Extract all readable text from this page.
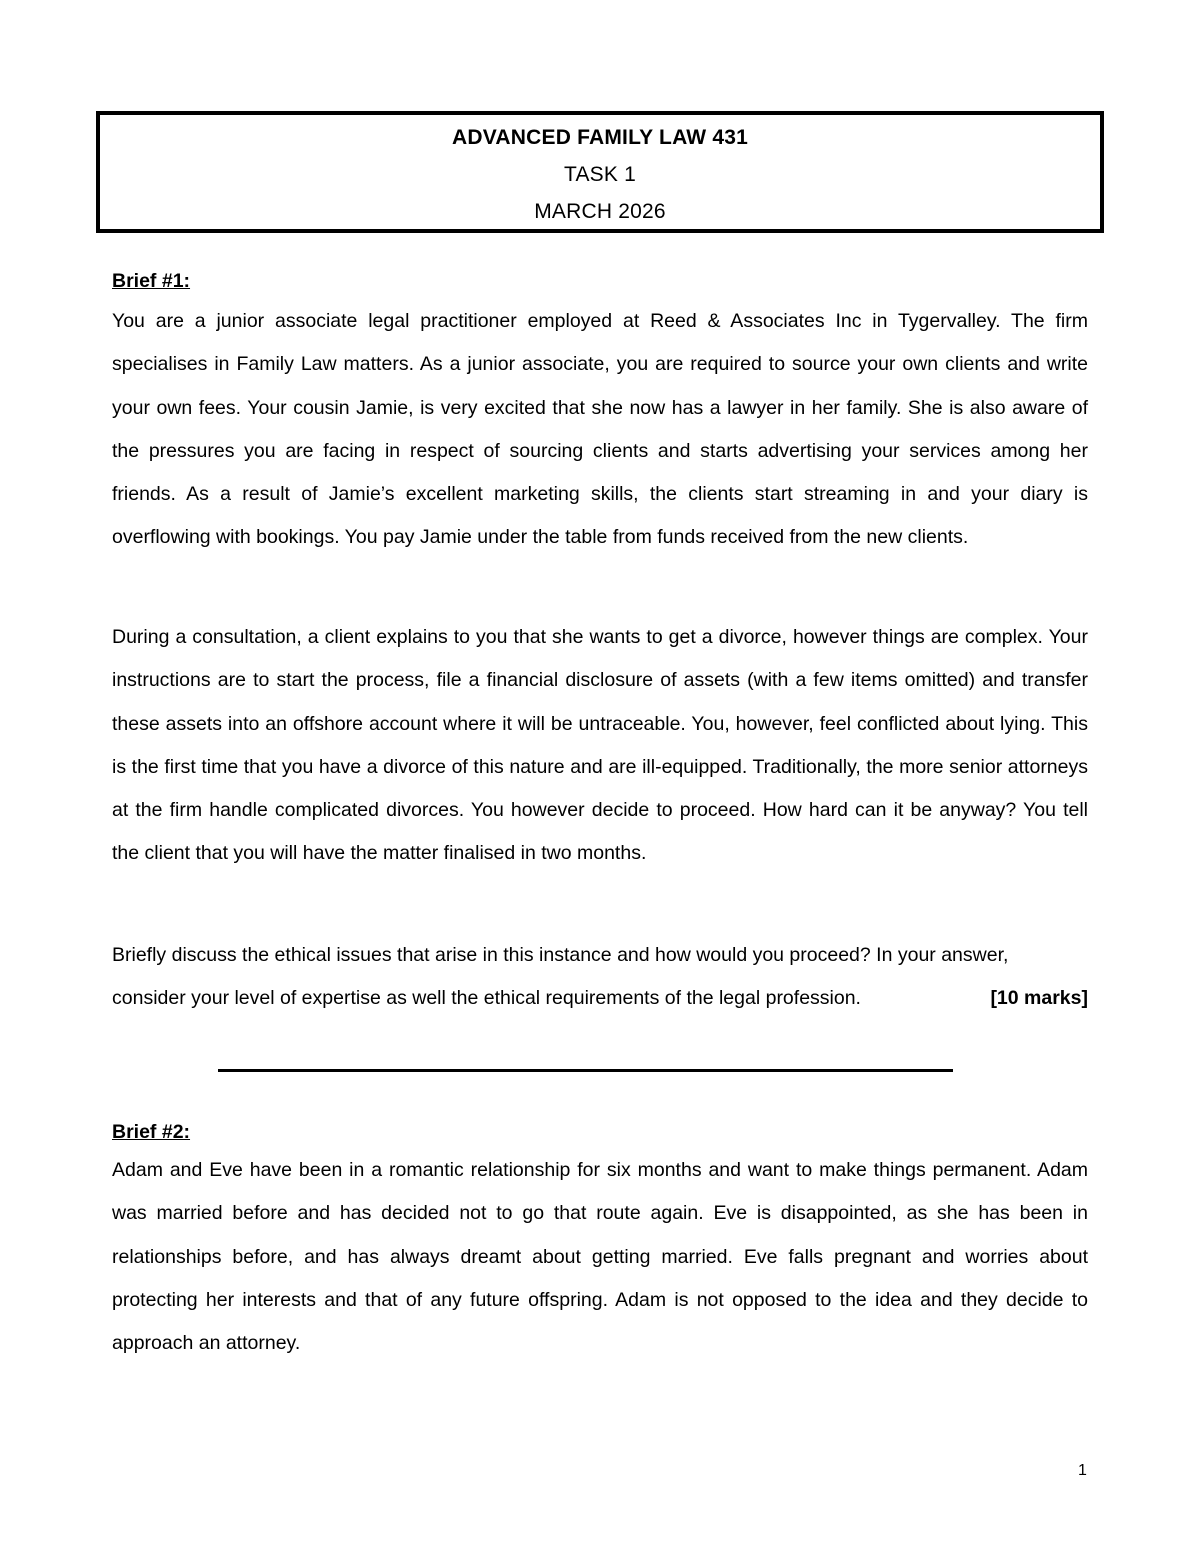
ADVANCED FAMILY LAW 431
TASK 1
MARCH 2026
Brief #1:

You are a junior associate legal practitioner employed at Reed & Associates Inc in Tygervalley. The firm specialises in Family Law matters. As a junior associate, you are required to source your own clients and write your own fees. Your cousin Jamie, is very excited that she now has a lawyer in her family. She is also aware of the pressures you are facing in respect of sourcing clients and starts advertising your services among her friends. As a result of Jamie’s excellent marketing skills, the clients start streaming in and your diary is overflowing with bookings. You pay Jamie under the table from funds received from the new clients.

During a consultation, a client explains to you that she wants to get a divorce, however things are complex. Your instructions are to start the process, file a financial disclosure of assets (with a few items omitted) and transfer these assets into an offshore account where it will be untraceable. You, however, feel conflicted about lying. This is the first time that you have a divorce of this nature and are ill-equipped. Traditionally, the more senior attorneys at the firm handle complicated divorces. You however decide to proceed. How hard can it be anyway? You tell the client that you will have the matter finalised in two months.

Briefly discuss the ethical issues that arise in this instance and how would you proceed? In your answer,
consider your level of expertise as well the ethical requirements of the legal profession.	[10 marks]
Brief #2:

Adam and Eve have been in a romantic relationship for six months and want to make things permanent. Adam was married before and has decided not to go that route again. Eve is disappointed, as she has been in relationships before, and has always dreamt about getting married. Eve falls pregnant and worries about protecting her interests and that of any future offspring. Adam is not opposed to the idea and they decide to approach an attorney.

1
